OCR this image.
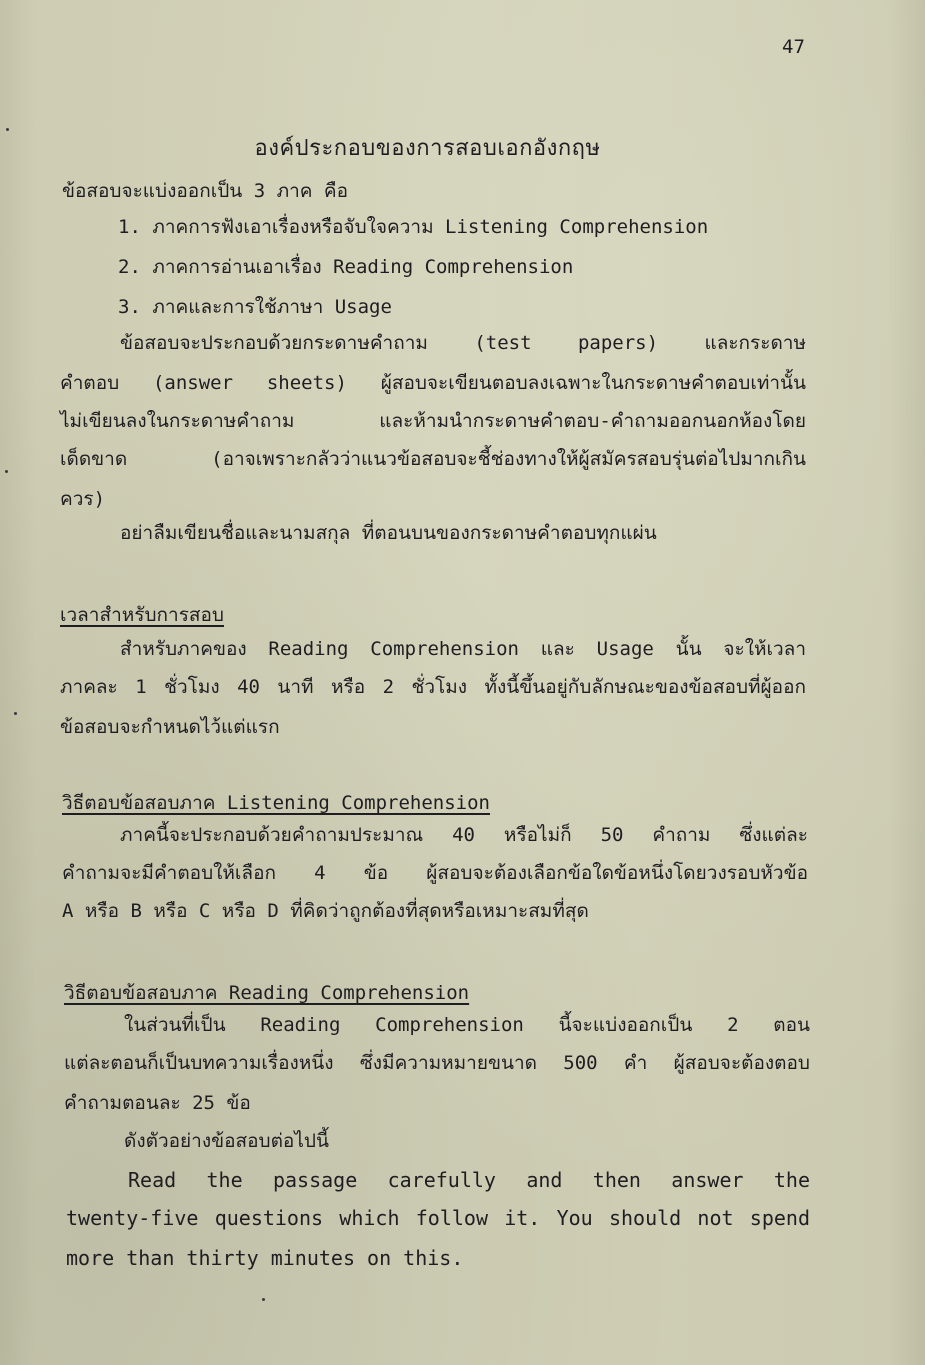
47
องค์ประกอบของการสอบเอกอังกฤษ
ข้อสอบจะแบ่งออกเป็น 3 ภาค คือ
1. ภาคการฟังเอาเรื่องหรือจับใจความ Listening Comprehension
2. ภาคการอ่านเอาเรื่อง Reading Comprehension
3. ภาคและการใช้ภาษา Usage
ข้อสอบจะประกอบด้วยกระดาษคำถาม (test papers) และกระดาษ
คำตอบ (answer sheets) ผู้สอบจะเขียนตอบลงเฉพาะในกระดาษคำตอบเท่านั้น
ไม่เขียนลงในกระดาษคำถาม และห้ามนำกระดาษคำตอบ-คำถามออกนอกห้องโดย
เด็ดขาด (อาจเพราะกลัวว่าแนวข้อสอบจะชี้ช่องทางให้ผู้สมัครสอบรุ่นต่อไปมากเกิน
ควร)
อย่าลืมเขียนชื่อและนามสกุล ที่ตอนบนของกระดาษคำตอบทุกแผ่น
เวลาสำหรับการสอบ
สำหรับภาคของ Reading Comprehension และ Usage นั้น จะให้เวลา
ภาคละ 1 ชั่วโมง 40 นาที หรือ 2 ชั่วโมง ทั้งนี้ขึ้นอยู่กับลักษณะของข้อสอบที่ผู้ออก
ข้อสอบจะกำหนดไว้แต่แรก
วิธีตอบข้อสอบภาค Listening Comprehension
ภาคนี้จะประกอบด้วยคำถามประมาณ 40 หรือไม่ก็ 50 คำถาม ซึ่งแต่ละ
คำถามจะมีคำตอบให้เลือก 4 ข้อ ผู้สอบจะต้องเลือกข้อใดข้อหนึ่งโดยวงรอบหัวข้อ
A หรือ B หรือ C หรือ D ที่คิดว่าถูกต้องที่สุดหรือเหมาะสมที่สุด
วิธีตอบข้อสอบภาค Reading Comprehension
ในส่วนที่เป็น Reading Comprehension นี้จะแบ่งออกเป็น 2 ตอน
แต่ละตอนก็เป็นบทความเรื่องหนึ่ง ซึ่งมีความหมายขนาด 500 คำ ผู้สอบจะต้องตอบ
คำถามตอนละ 25 ข้อ
ดังตัวอย่างข้อสอบต่อไปนี้
Read the passage carefully and then answer the
twenty-five questions which follow it. You should not spend
more than thirty minutes on this.
